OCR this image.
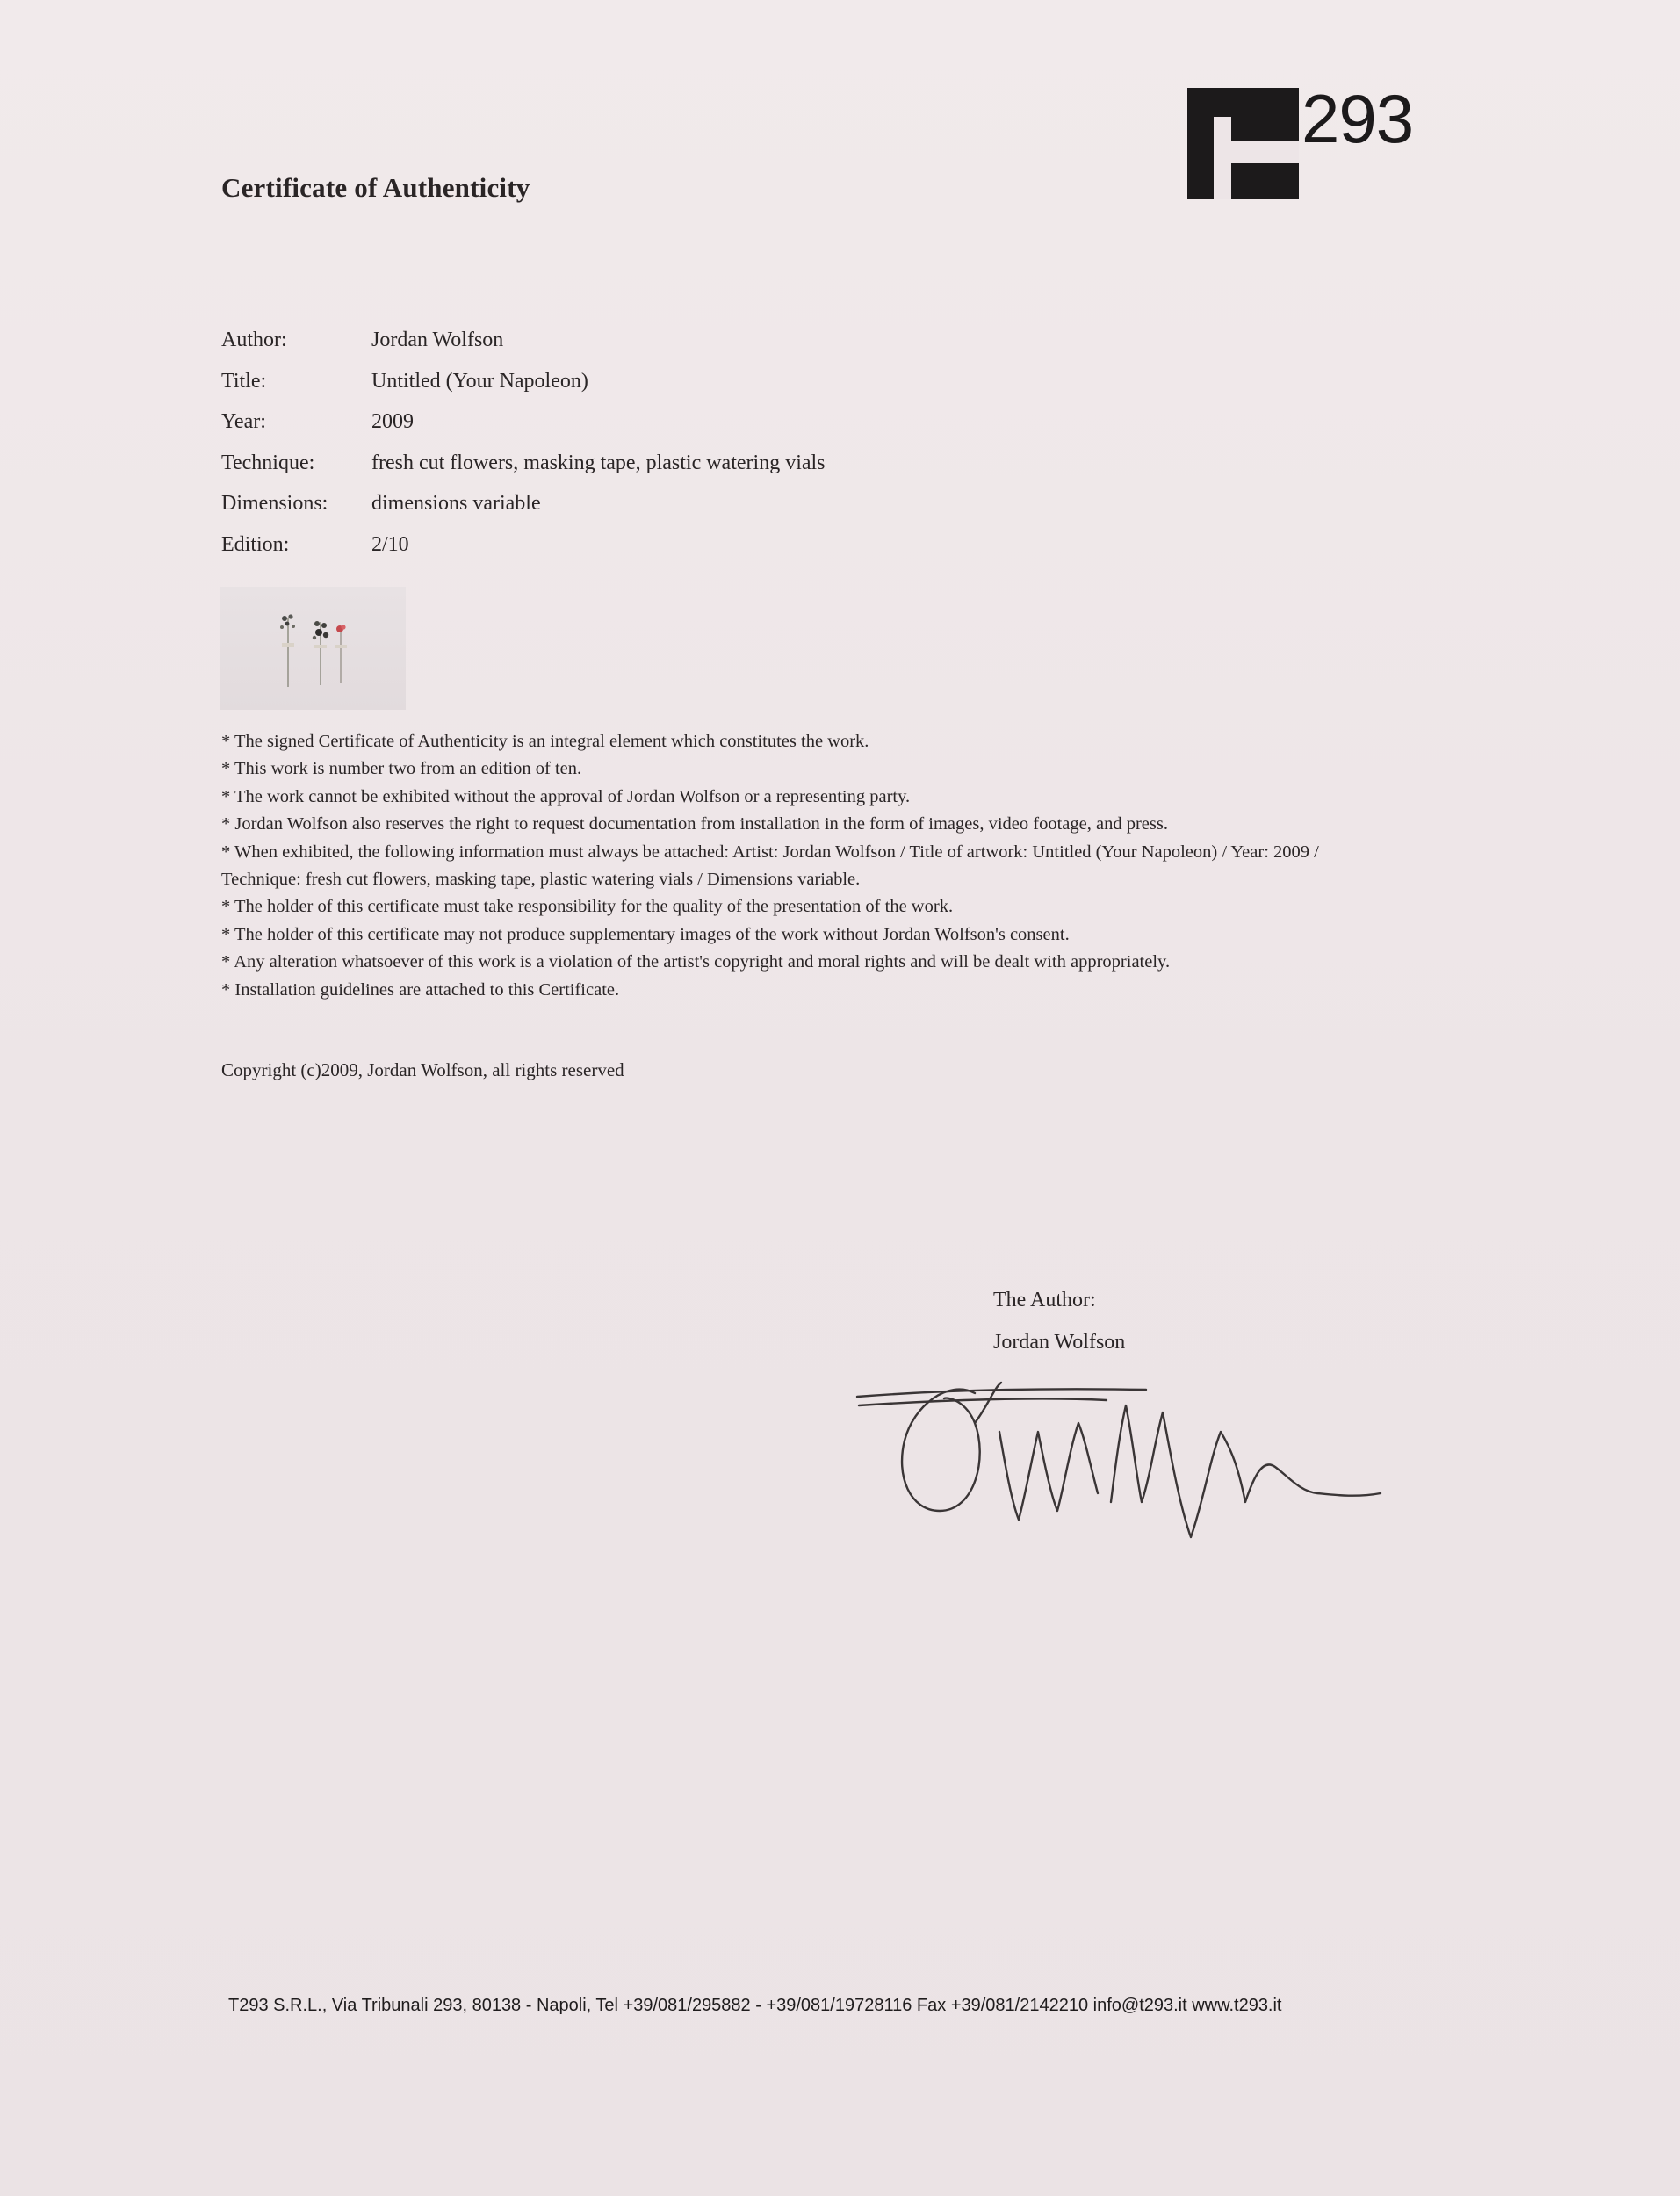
293
Certificate of Authenticity
Author:	Jordan Wolfson
Title:	Untitled (Your Napoleon)
Year:	2009
Technique:	fresh cut flowers, masking tape, plastic watering vials
Dimensions: dimensions variable
Edition:	2/10
* The signed Certificate of Authenticity is an integral element which constitutes the work.
* This work is number two from an edition of ten.
* The work cannot be exhibited without the approval of Jordan Wolfson or a representing party.
* Jordan Wolfson also reserves the right to request documentation from installation in the form of images, video footage, and press.
* When exhibited, the following information must always be attached: Artist: Jordan Wolfson / Title of artwork: Untitled (Your Napoleon) / Year: 2009 / Technique: fresh cut flowers, masking tape, plastic watering vials / Dimensions variable.
* The holder of this certificate must take responsibility for the quality of the presentation of the work.
* The holder of this certificate may not produce supplementary images of the work without Jordan Wolfson's consent.
* Any alteration whatsoever of this work is a violation of the artist's copyright and moral rights and will be dealt with appropriately.
* Installation guidelines are attached to this Certificate.
Copyright (c)2009, Jordan Wolfson, all rights reserved
The Author:
Jordan Wolfson
T293 S.R.L., Via Tribunali 293, 80138 - Napoli, Tel +39/081/295882 - +39/081/19728116 Fax +39/081/2142210 info@t293.it www.t293.it
